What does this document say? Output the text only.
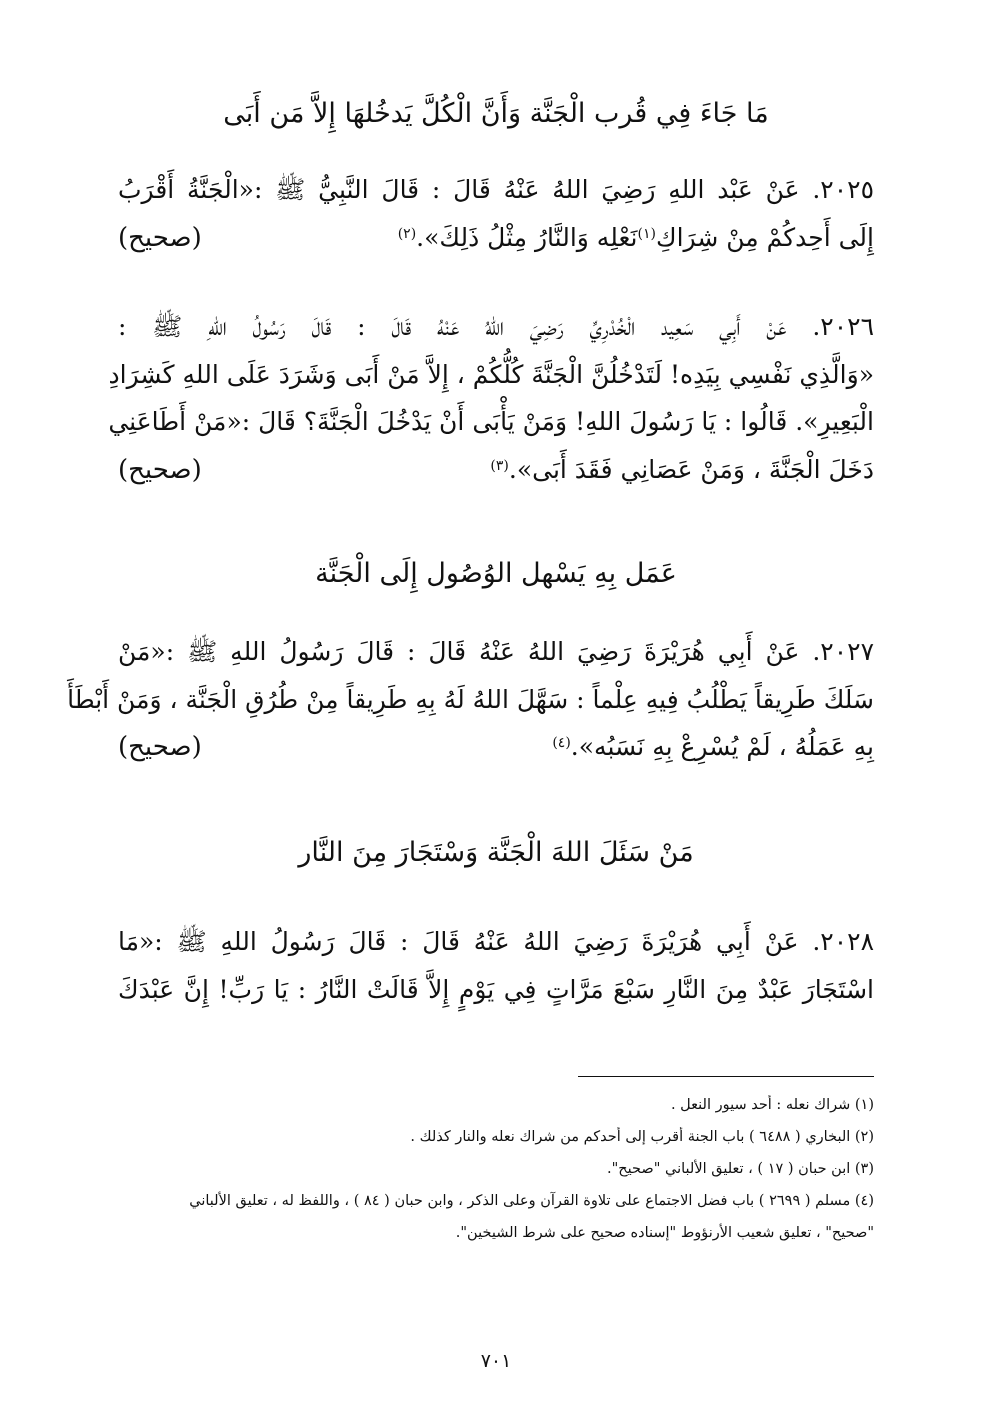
مَا جَاءَ فِي قُرب الْجَنَّة وَأَنَّ الْكُلَّ يَدخُلهَا إِلاَّ مَن أَبَى
٢٠٢٥. عَنْ عَبْد اللهِ رَضِيَ اللهُ عَنْهُ قَالَ : قَالَ النَّبِيُّ ﷺ :«الْجَنَّةُ أَقْرَبُ
إِلَى أَحِدكُمْ مِنْ شِرَاكِ$^{(١)}$نَعْلِه وَالنَّارُ مِثْلُ ذَلِكَ».$^{(٢)}$
(صحيح)
٢٠٢٦. عَنْ أَبِي سَعِيد الْخُدْرِيِّ رَضِيَ اللهُ عَنْهُ قَالَ : قَالَ رَسُولُ اللهِ ﷺ :
«وَالَّذِي نَفْسِي بِيَدِه! لَتَدْخُلُنَّ الْجَنَّةَ كُلُّكُمْ ، إِلاَّ مَنْ أَبَى وَشَرَدَ عَلَى اللهِ كَشِرَادِ
الْبَعِيرِ». قَالُوا : يَا رَسُولَ اللهِ! وَمَنْ يَأْبَى أَنْ يَدْخُلَ الْجَنَّةَ؟ قَالَ :«مَنْ أَطَاعَنِي
دَخَلَ الْجَنَّةَ ، وَمَنْ عَصَانِي فَقَدَ أَبَى».$^{(٣)}$
(صحيح)
عَمَل بِهِ يَسْهل الوُصُول إِلَى الْجَنَّة
٢٠٢٧. عَنْ أَبِي هُرَيْرَةَ رَضِيَ اللهُ عَنْهُ قَالَ : قَالَ رَسُولُ اللهِ ﷺ :«مَنْ
سَلَكَ طَرِيقاً يَطْلُبُ فِيهِ عِلْماً : سَهَّلَ اللهُ لَهُ بِهِ طَرِيقاً مِنْ طُرُقِ الْجَنَّة ، وَمَنْ أَبْطَأَ
بِهِ عَمَلُهُ ، لَمْ يُسْرِعْ بِهِ نَسَبُه».$^{(٤)}$
(صحيح)
مَنْ سَئَلَ اللهَ الْجَنَّة وَسْتَجَارَ مِنَ النَّار
٢٠٢٨. عَنْ أَبِي هُرَيْرَةَ رَضِيَ اللهُ عَنْهُ قَالَ : قَالَ رَسُولُ اللهِ ﷺ :«مَا
اسْتَجَارَ عَبْدٌ مِنَ النَّارِ سَبْعَ مَرَّاتٍ فِي يَوْمٍ إِلاَّ قَالَتْ النَّارُ : يَا رَبِّ! إِنَّ عَبْدَكَ
(١) شراك نعله : أحد سيور النعل .
(٢) البخاري ( ٦٤٨٨ ) باب الجنة أقرب إلى أحدكم من شراك نعله والنار كذلك .
(٣) ابن حبان ( ١٧ ) ، تعليق الألباني "صحيح".
(٤) مسلم ( ٢٦٩٩ ) باب فضل الاجتماع على تلاوة القرآن وعلى الذكر ، وابن حبان ( ٨٤ ) ، واللفظ له ، تعليق الألباني
"صحيح" ، تعليق شعيب الأرنؤوط "إسناده صحيح على شرط الشيخين".
٧٠١
